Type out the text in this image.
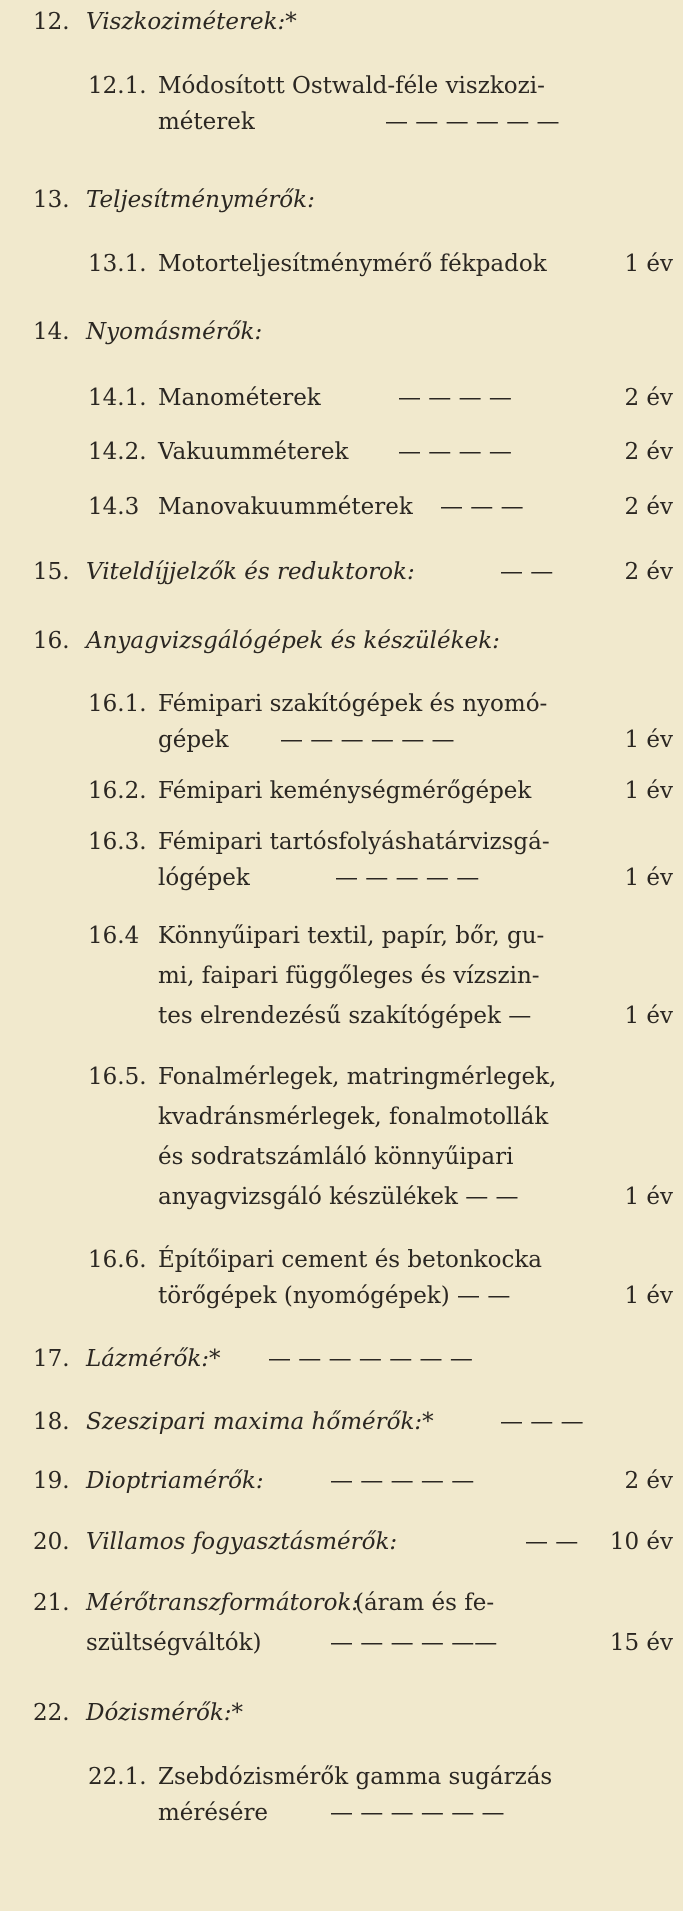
12. Viszkoziméterek:*
12.1. Módosított Ostwald-féle viszkozi-
méterek	— — — — — —
13. Teljesítménymérők:
13.1. Motorteljesítménymérő fékpadok	1 év
14. Nyomásmérők:
14.1. Manométerek	— — — —	2 év
14.2. Vakuumméterek — — — —	2 év
14.3 Manovakuumméterek — — —	2 év
15. Viteldíjjelzők és reduktorok:	— —	2 év
16. Anyagvizsgálógépek és készülékek:
16.1. Fémipari szakítógépek és nyomó-
gépek — — — — — —	1 év
16.2. Fémipari keménységmérőgépek	1 év
16.3. Fémipari tartósfolyáshatárvizsgá-
lógépek	— — — — —	1 év
16.4 Könnyűipari textil, papír, bőr, gu-
mi, faipari függőleges és vízszin-
tes elrendezésű szakítógépek —	1 év
16.5. Fonalmérlegek, matringmérlegek,
kvadránsmérlegek, fonalmotollák
és sodratszámláló könnyűipari
anyagvizsgáló készülékek — —	1 év
16.6. Építőipari cement és betonkocka
törőgépek (nyomógépek) — —	1 év
17. Lázmérők:* — — — — — — —
18. Szeszipari maxima hőmérők:*	— — —
19. Dioptriamérők:	— — — — —	2 év
20. Villamos fogyasztásmérők:	— — 10 év
21. Mérőtranszformátorok:
(áram és fe-
szültségváltók)	— — — — ——	15 év
22. Dózismérők:*
22.1. Zsebdózismérők gamma sugárzás
mérésére	— — — — — —
